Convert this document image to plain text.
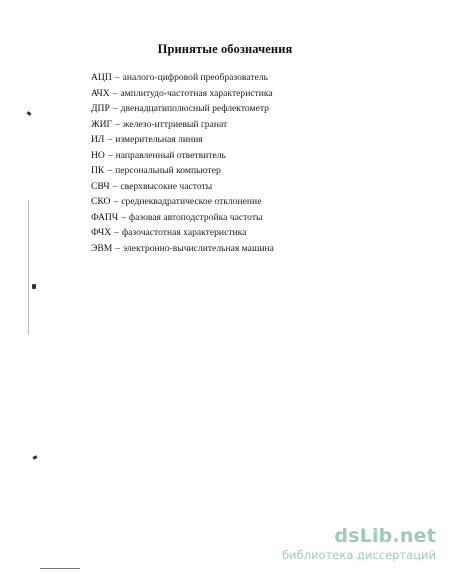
Принятые обозначения
АЦП – аналого-цифровой преобразователь
АЧХ – амплитудо-частотная характеристика
ДПР – двенадцатиполюсный рефлектометр
ЖИГ – железо-иттриевый гранат
ИЛ – измерительная линия
НО – направленный ответвитель
ПК – персональный компьютер
СВЧ – сверхвысокие частоты
СКО – среднеквадратическое отклонение
ФАПЧ – фазовая автоподстройка частоты
ФЧХ – фазочастотная характеристика
ЭВМ – электронно-вычислительная машина
dsLib.net
библиотека диссертаций
